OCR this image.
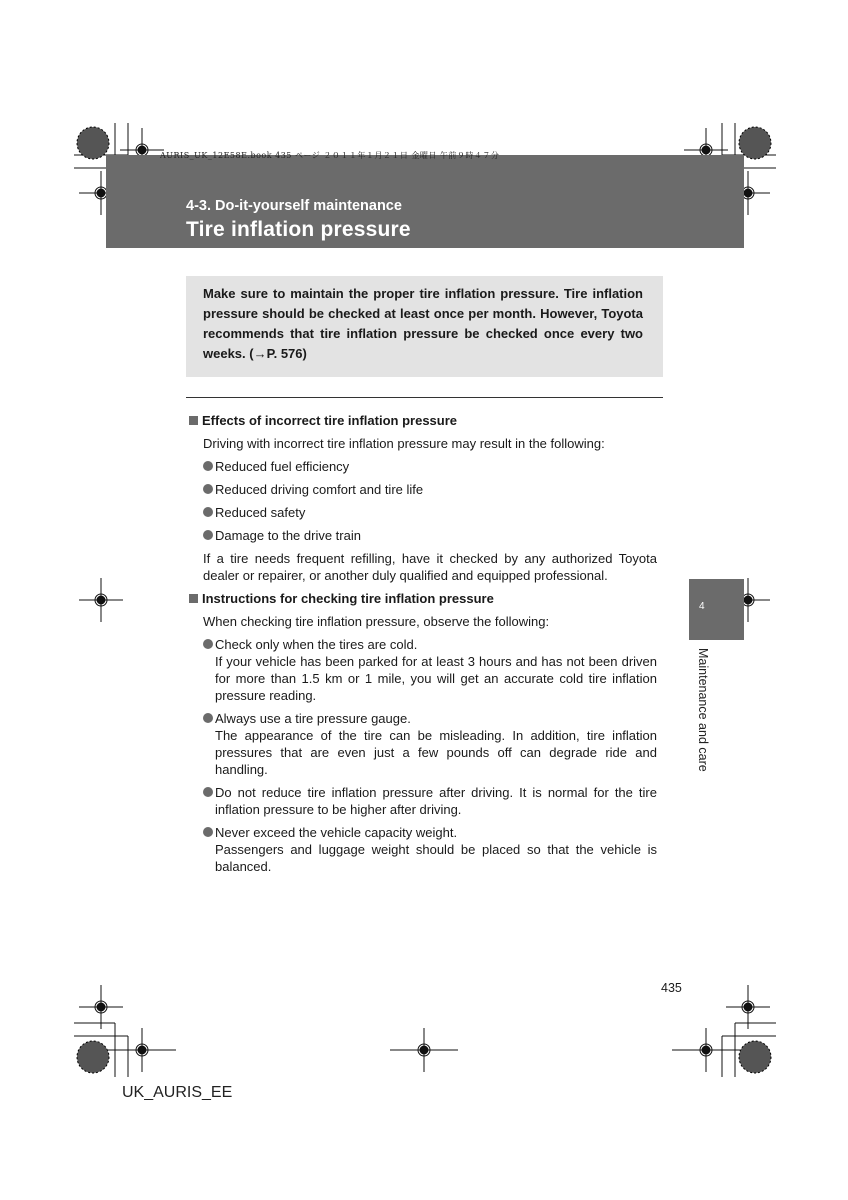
AURIS_UK_12E58E.book 435 ページ ２０１１年１月２１日 金曜日 午前９時４７分
4-3. Do-it-yourself maintenance
Tire inflation pressure
Make sure to maintain the proper tire inflation pressure. Tire inflation pressure should be checked at least once per month. However, Toyota recommends that tire inflation pressure be checked once every two weeks. (→P. 576)
Effects of incorrect tire inflation pressure
Driving with incorrect tire inflation pressure may result in the following:
Reduced fuel efficiency
Reduced driving comfort and tire life
Reduced safety
Damage to the drive train
If a tire needs frequent refilling, have it checked by any authorized Toyota dealer or repairer, or another duly qualified and equipped professional.
Instructions for checking tire inflation pressure
When checking tire inflation pressure, observe the following:

Check only when the tires are cold.

If your vehicle has been parked for at least 3 hours and has not been driven for more than 1.5 km or 1 mile, you will get an accurate cold tire inflation pressure reading.

Always use a tire pressure gauge.

The appearance of the tire can be misleading. In addition, tire inflation pressures that are even just a few pounds off can degrade ride and handling.

Do not reduce tire inflation pressure after driving. It is normal for the tire inflation pressure to be higher after driving.

Never exceed the vehicle capacity weight.

Passengers and luggage weight should be placed so that the vehicle is balanced.

4
Maintenance and care
435
UK_AURIS_EE
